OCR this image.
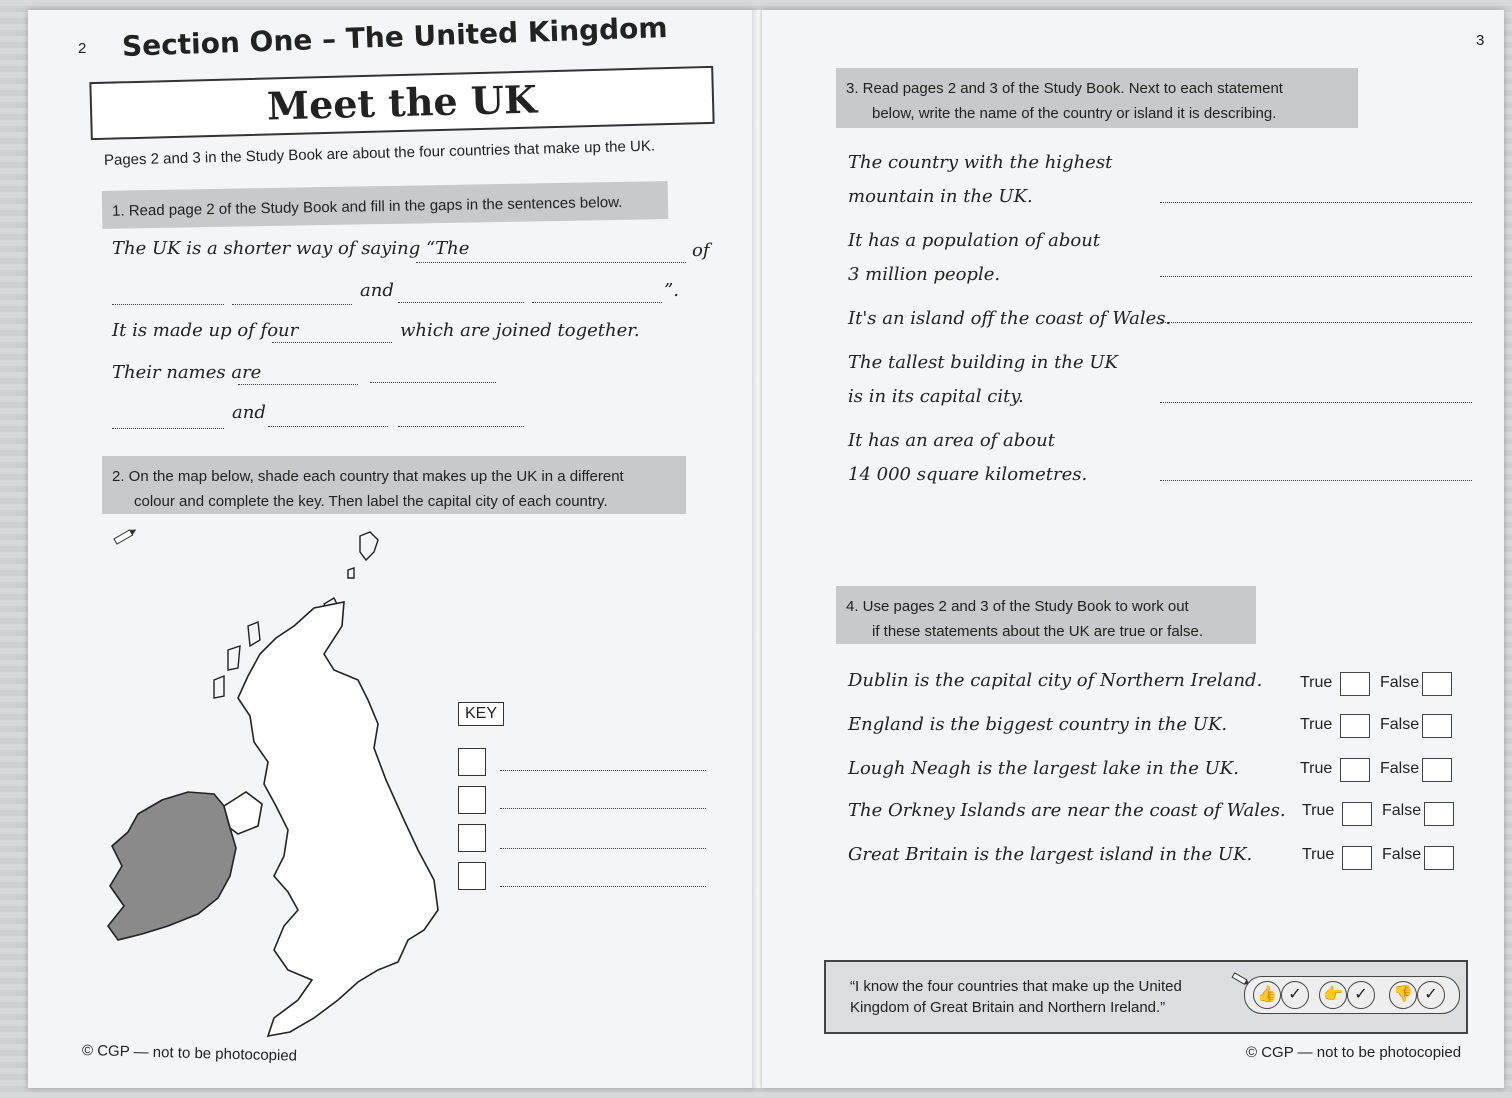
2 Section One – The United Kingdom
Meet the UK
Pages 2 and 3 in the Study Book are about the four countries that make up the UK.
1. Read page 2 of the Study Book and fill in the gaps in the sentences below.
The UK is a shorter way of saying “The	of
and	”.
It is made up of four	which are joined together.
Their names are
and
2. On the map below, shade each country that makes up the UK in a different
colour and complete the key. Then label the capital city of each country.
KEY
© CGP — not to be photocopied
3
3. Read pages 2 and 3 of the Study Book. Next to each statement
below, write the name of the country or island it is describing.
The country with the highest
mountain in the UK.
It has a population of about
3 million people.
It's an island off the coast of Wales.
The tallest building in the UK
is in its capital city.
It has an area of about
14 000 square kilometres.
4. Use pages 2 and 3 of the Study Book to work out
if these statements about the UK are true or false.
Dublin is the capital city of Northern Ireland. True	False
England is the biggest country in the UK.	True	False
Lough Neagh is the largest lake in the UK.	True	False
The Orkney Islands are near the coast of Wales. True	False
Great Britain is the largest island in the UK.	True	False
“I know the four countries that make up the United Kingdom of Great Britain and Northern Ireland.”
👍 ✓	👉 ✓	👎 ✓
© CGP — not to be photocopied
